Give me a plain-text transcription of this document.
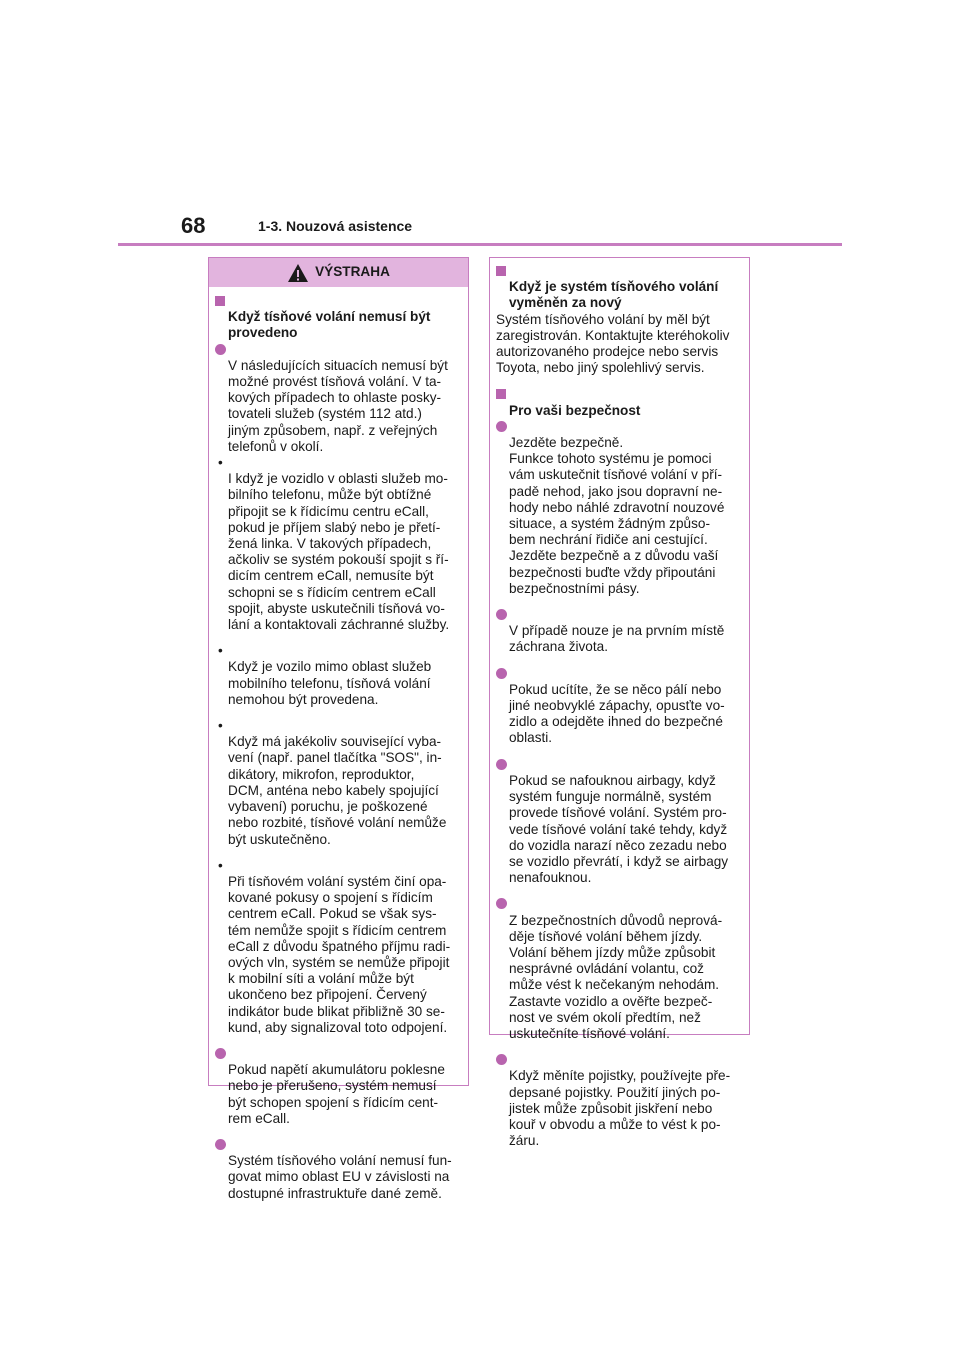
68	1-3. Nouzová asistence
VÝSTRAHA

Když tísňové volání nemusí být
provedeno

V následujících situacích nemusí být
možné provést tísňová volání. V ta-
kových případech to ohlaste posky-
tovateli služeb (systém 112 atd.)
jiným způsobem, např. z veřejných
telefonů v okolí.

•
I když je vozidlo v oblasti služeb mo-
bilního telefonu, může být obtížné
připojit se k řídicímu centru eCall,
pokud je příjem slabý nebo je přetí-
žená linka. V takových případech,
ačkoliv se systém pokouší spojit s ří-
dicím centrem eCall, nemusíte být
schopni se s řídicím centrem eCall
spojit, abyste uskutečnili tísňová vo-
lání a kontaktovali záchranné služby.

•
Když je vozilo mimo oblast služeb
mobilního telefonu, tísňová volání
nemohou být provedena.

•
Když má jakékoliv související vyba-
vení (např. panel tlačítka "SOS", in-
dikátory, mikrofon, reproduktor,
DCM, anténa nebo kabely spojující
vybavení) poruchu, je poškozené
nebo rozbité, tísňové volání nemůže
být uskutečněno.

•
Při tísňovém volání systém činí opa-
kované pokusy o spojení s řídicím
centrem eCall. Pokud se však sys-
tém nemůže spojit s řídicím centrem
eCall z důvodu špatného příjmu radi-
ových vln, systém se nemůže připojit
k mobilní síti a volání může být
ukončeno bez připojení. Červený
indikátor bude blikat přibližně 30 se-
kund, aby signalizoval toto odpojení.

Pokud napětí akumulátoru poklesne
nebo je přerušeno, systém nemusí
být schopen spojení s řídicím cent-
rem eCall.

Systém tísňového volání nemusí fun-
govat mimo oblast EU v závislosti na
dostupné infrastruktuře dané země.

Když je systém tísňového volání
vyměněn za nový

Systém tísňového volání by měl být
zaregistrován. Kontaktujte kteréhokoliv
autorizovaného prodejce nebo servis
Toyota, nebo jiný spolehlivý servis.

Pro vaši bezpečnost

Jezděte bezpečně.
Funkce tohoto systému je pomoci
vám uskutečnit tísňové volání v pří-
padě nehod, jako jsou dopravní ne-
hody nebo náhlé zdravotní nouzové
situace, a systém žádným způso-
bem nechrání řidiče ani cestující.
Jezděte bezpečně a z důvodu vaší
bezpečnosti buďte vždy připoutáni
bezpečnostními pásy.

V případě nouze je na prvním místě
záchrana života.

Pokud ucítíte, že se něco pálí nebo
jiné neobvyklé zápachy, opusťte vo-
zidlo a odejděte ihned do bezpečné
oblasti.

Pokud se nafouknou airbagy, když
systém funguje normálně, systém
provede tísňové volání. Systém pro-
vede tísňové volání také tehdy, když
do vozidla narazí něco zezadu nebo
se vozidlo převrátí, i když se airbagy
nenafouknou.

Z bezpečnostních důvodů neprová-
děje tísňové volání během jízdy.
Volání během jízdy může způsobit
nesprávné ovládání volantu, což
může vést k nečekaným nehodám.
Zastavte vozidlo a ověřte bezpeč-
nost ve svém okolí předtím, než
uskutečníte tísňové volání.

Když měníte pojistky, používejte pře-
depsané pojistky. Použití jiných po-
jistek může způsobit jiskření nebo
kouř v obvodu a může to vést k po-
žáru.
